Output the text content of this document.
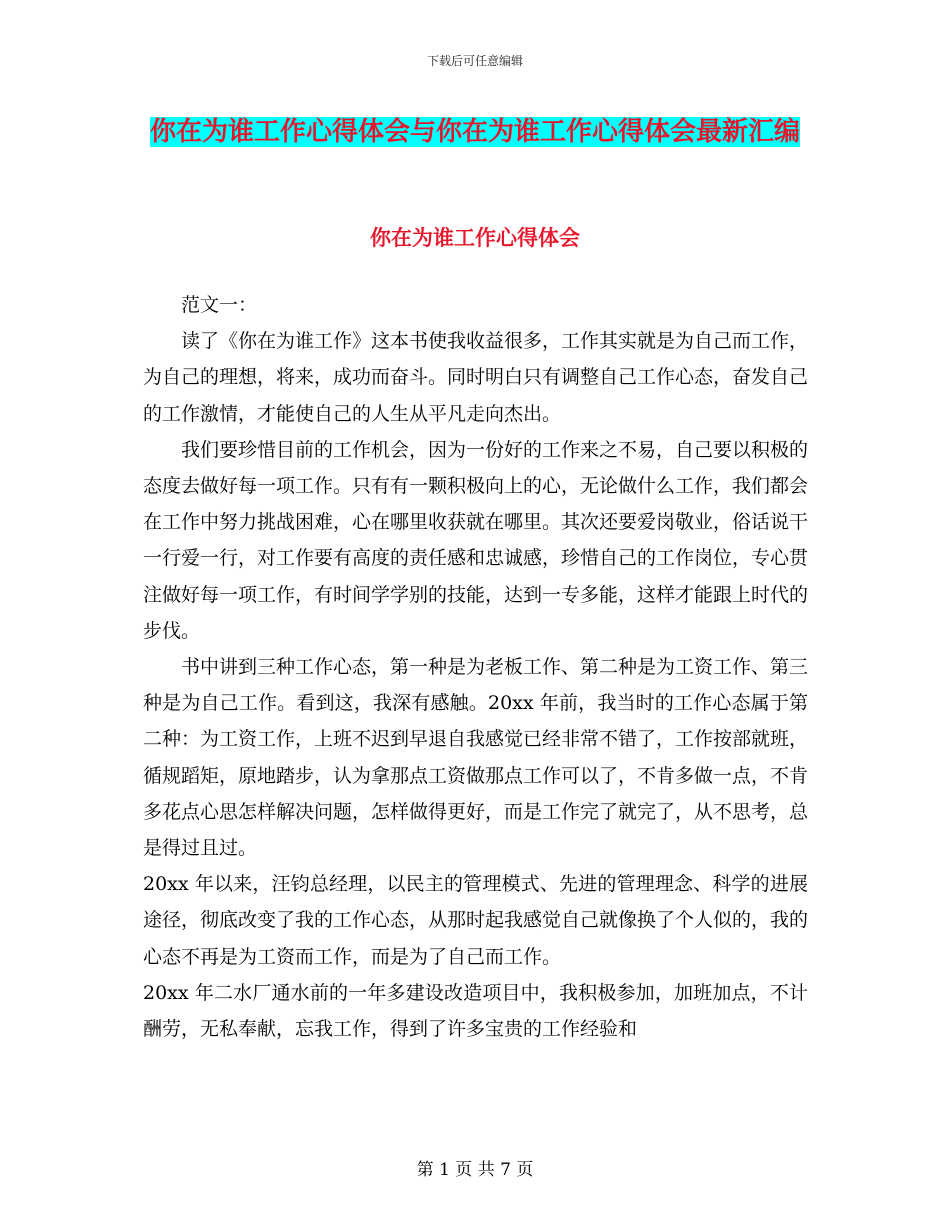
下载后可任意编辑
你在为谁工作心得体会与你在为谁工作心得体会最新汇编
你在为谁工作心得体会

范文一：

读了《你在为谁工作》这本书使我收益很多，工作其实就是为自己而工作，为自己的理想，将来，成功而奋斗。同时明白只有调整自己工作心态，奋发自己的工作激情，才能使自己的人生从平凡走向杰出。

我们要珍惜目前的工作机会，因为一份好的工作来之不易，自己要以积极的态度去做好每一项工作。只有有一颗积极向上的心，无论做什么工作，我们都会在工作中努力挑战困难，心在哪里收获就在哪里。其次还要爱岗敬业，俗话说干一行爱一行，对工作要有高度的责任感和忠诚感，珍惜自己的工作岗位，专心贯注做好每一项工作，有时间学学别的技能，达到一专多能，这样才能跟上时代的步伐。

书中讲到三种工作心态，第一种是为老板工作、第二种是为工资工作、第三种是为自己工作。看到这，我深有感触。20xx 年前，我当时的工作心态属于第二种：为工资工作，上班不迟到早退自我感觉已经非常不错了，工作按部就班，循规蹈矩，原地踏步，认为拿那点工资做那点工作可以了，不肯多做一点，不肯多花点心思怎样解决问题，怎样做得更好，而是工作完了就完了，从不思考，总是得过且过。

20xx 年以来，汪钧总经理，以民主的管理模式、先进的管理理念、科学的进展途径，彻底改变了我的工作心态，从那时起我感觉自己就像换了个人似的，我的心态不再是为工资而工作，而是为了自己而工作。

20xx 年二水厂通水前的一年多建设改造项目中，我积极参加，加班加点，不计酬劳，无私奉献，忘我工作，得到了许多宝贵的工作经验和

第 1 页 共 7 页
